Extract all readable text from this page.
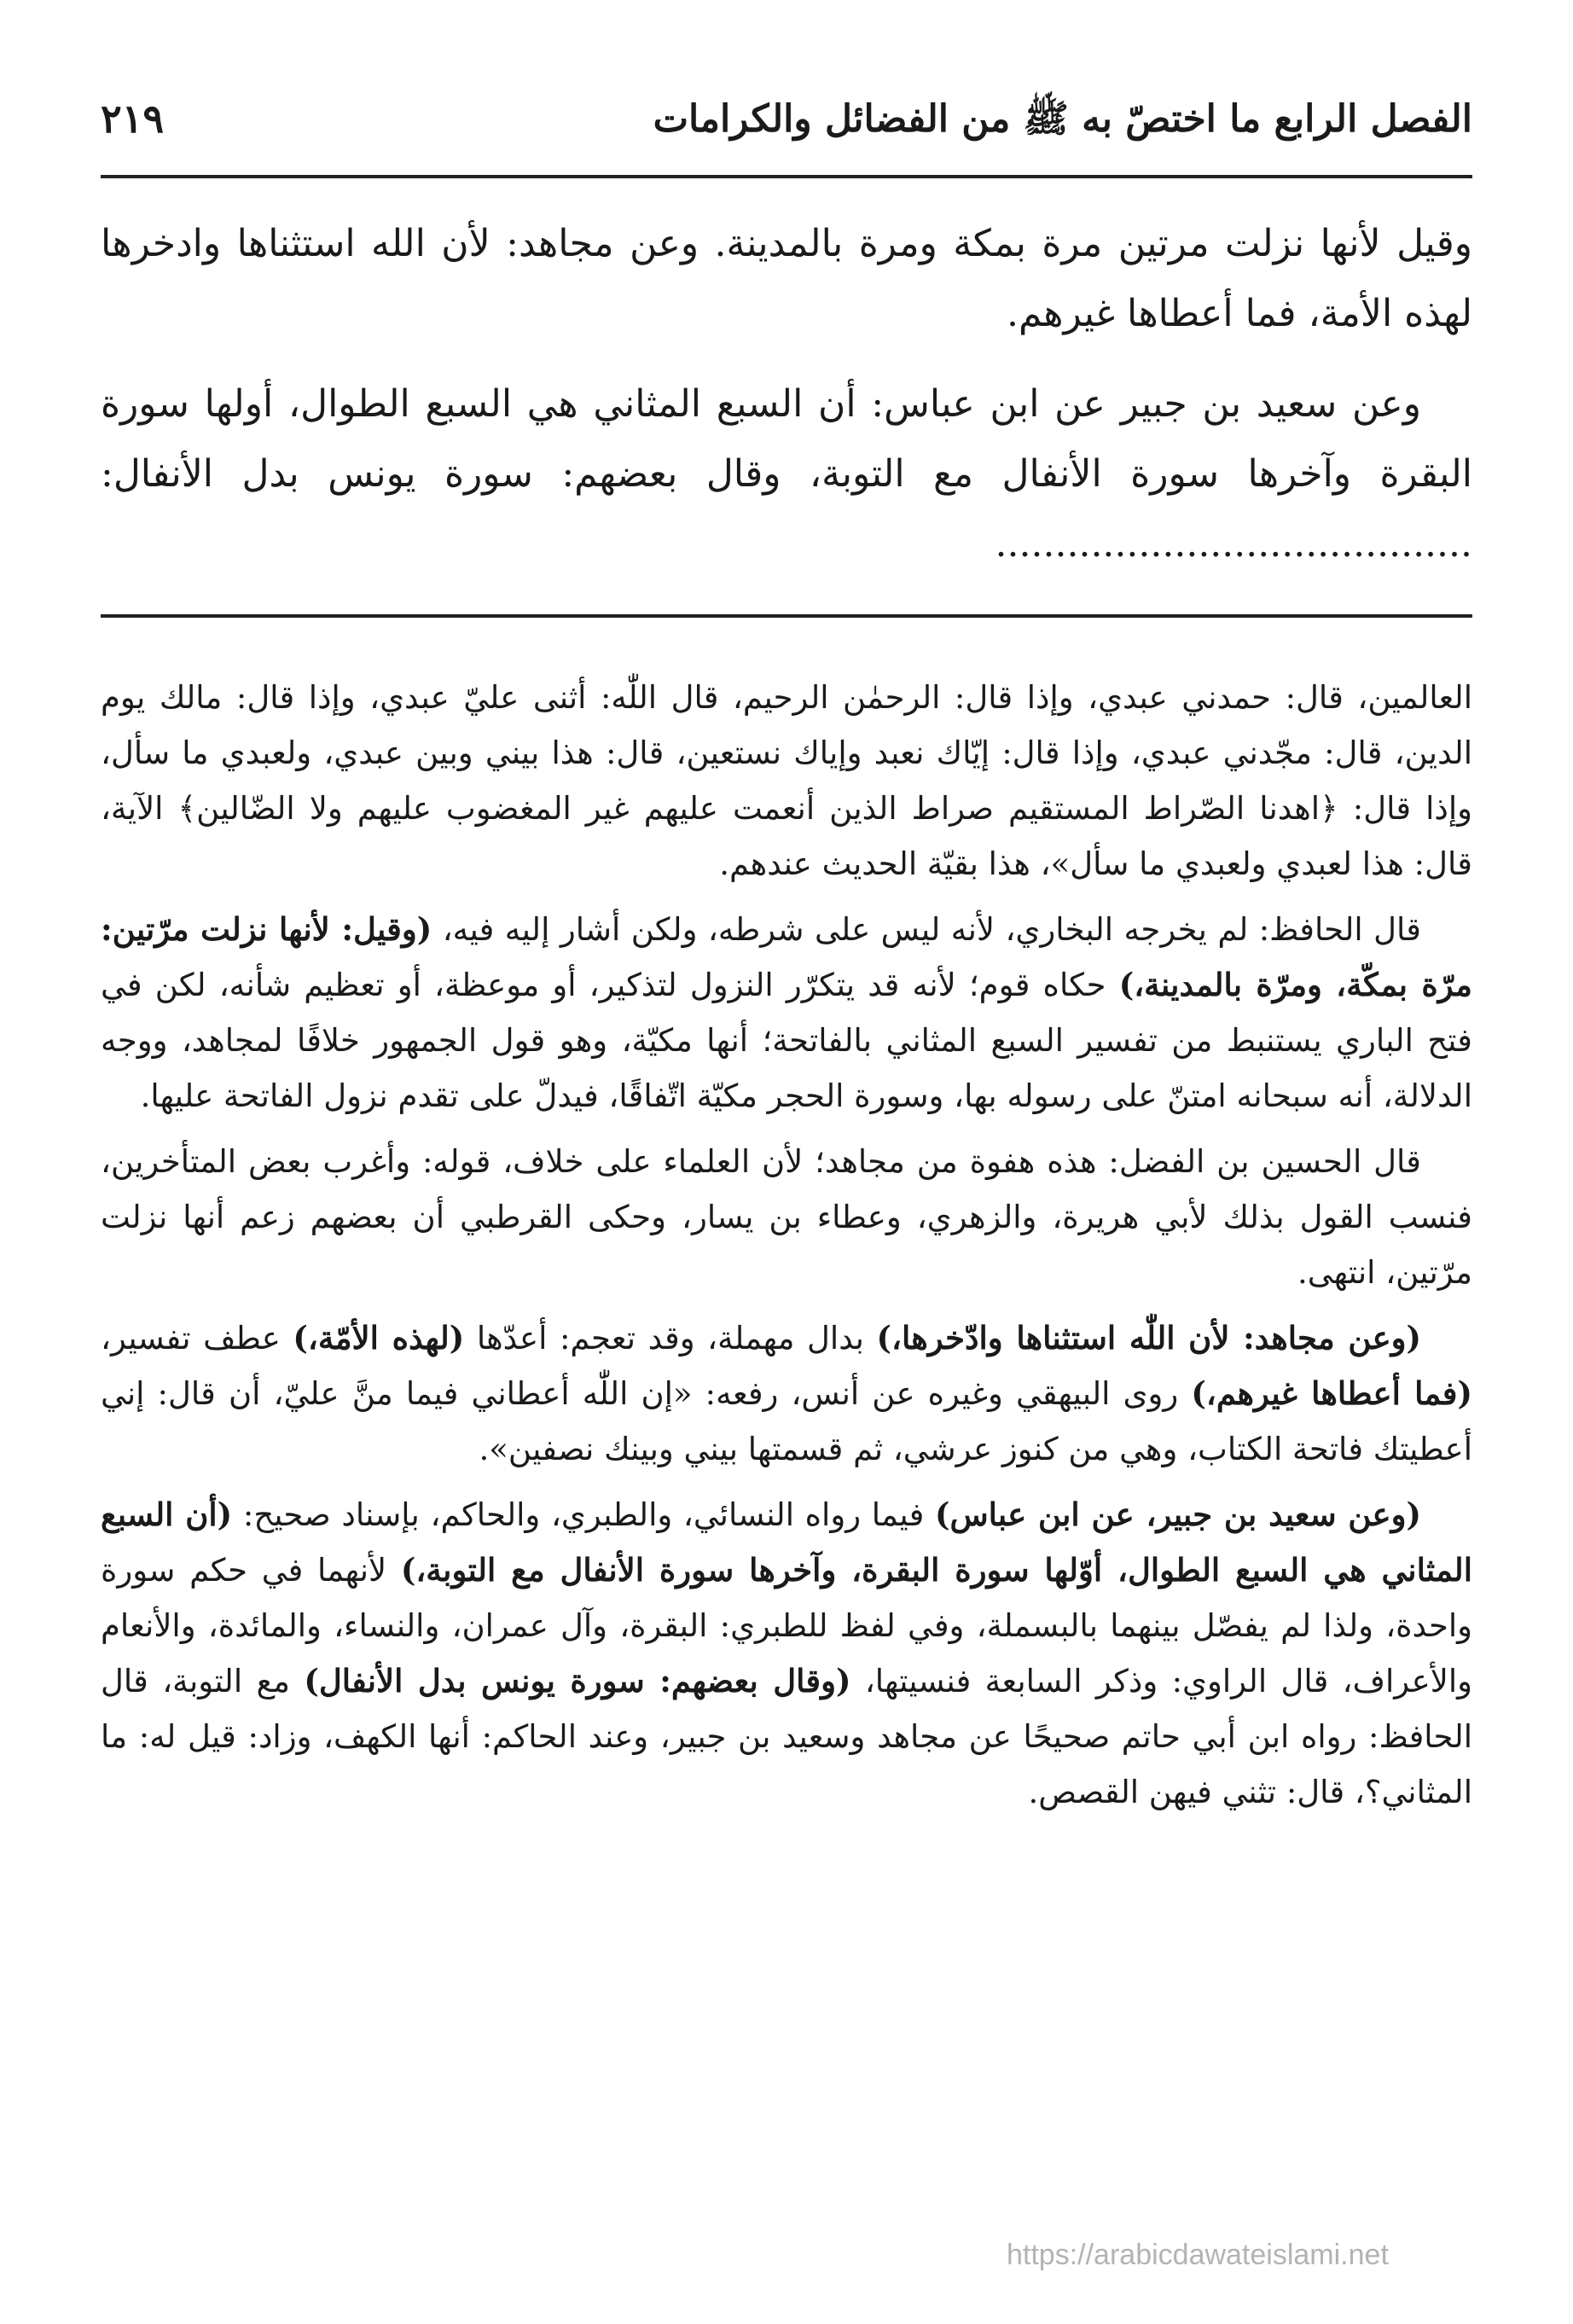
الفصل الرابع ما اختصّ به ﷺ من الفضائل والكرامات
٢١٩

وقيل لأنها نزلت مرتين مرة بمكة ومرة بالمدينة. وعن مجاهد: لأن الله استثناها وادخرها لهذه الأمة، فما أعطاها غيرهم.

وعن سعيد بن جبير عن ابن عباس: أن السبع المثاني هي السبع الطوال، أولها سورة البقرة وآخرها سورة الأنفال مع التوبة، وقال بعضهم: سورة يونس بدل الأنفال: ........................................

العالمين، قال: حمدني عبدي، وإذا قال: الرحمٰن الرحيم، قال اللّٰه: أثنى عليّ عبدي، وإذا قال: مالك يوم الدين، قال: مجّدني عبدي، وإذا قال: إيّاك نعبد وإياك نستعين، قال: هذا بيني وبين عبدي، ولعبدي ما سأل، وإذا قال: ﴿اهدنا الصّراط المستقيم صراط الذين أنعمت عليهم غير المغضوب عليهم ولا الضّالين﴾ الآية، قال: هذا لعبدي ولعبدي ما سأل»، هذا بقيّة الحديث عندهم.

قال الحافظ: لم يخرجه البخاري، لأنه ليس على شرطه، ولكن أشار إليه فيه، (وقيل: لأنها نزلت مرّتين: مرّة بمكّة، ومرّة بالمدينة،) حكاه قوم؛ لأنه قد يتكرّر النزول لتذكير، أو موعظة، أو تعظيم شأنه، لكن في فتح الباري يستنبط من تفسير السبع المثاني بالفاتحة؛ أنها مكيّة، وهو قول الجمهور خلافًا لمجاهد، ووجه الدلالة، أنه سبحانه امتنّ على رسوله بها، وسورة الحجر مكيّة اتّفاقًا، فيدلّ على تقدم نزول الفاتحة عليها.

قال الحسين بن الفضل: هذه هفوة من مجاهد؛ لأن العلماء على خلاف، قوله: وأغرب بعض المتأخرين، فنسب القول بذلك لأبي هريرة، والزهري، وعطاء بن يسار، وحكى القرطبي أن بعضهم زعم أنها نزلت مرّتين، انتهى.

(وعن مجاهد: لأن اللّٰه استثناها وادّخرها،) بدال مهملة، وقد تعجم: أعدّها (لهذه الأمّة،) عطف تفسير، (فما أعطاها غيرهم،) روى البيهقي وغيره عن أنس، رفعه: «إن اللّٰه أعطاني فيما منَّ عليّ، أن قال: إني أعطيتك فاتحة الكتاب، وهي من كنوز عرشي، ثم قسمتها بيني وبينك نصفين».

(وعن سعيد بن جبير، عن ابن عباس) فيما رواه النسائي، والطبري، والحاكم، بإسناد صحيح: (أن السبع المثاني هي السبع الطوال، أوّلها سورة البقرة، وآخرها سورة الأنفال مع التوبة،) لأنهما في حكم سورة واحدة، ولذا لم يفصّل بينهما بالبسملة، وفي لفظ للطبري: البقرة، وآل عمران، والنساء، والمائدة، والأنعام والأعراف، قال الراوي: وذكر السابعة فنسيتها، (وقال بعضهم: سورة يونس بدل الأنفال) مع التوبة، قال الحافظ: رواه ابن أبي حاتم صحيحًا عن مجاهد وسعيد بن جبير، وعند الحاكم: أنها الكهف، وزاد: قيل له: ما المثاني؟، قال: تثني فيهن القصص.

https://arabicdawateislami.net
